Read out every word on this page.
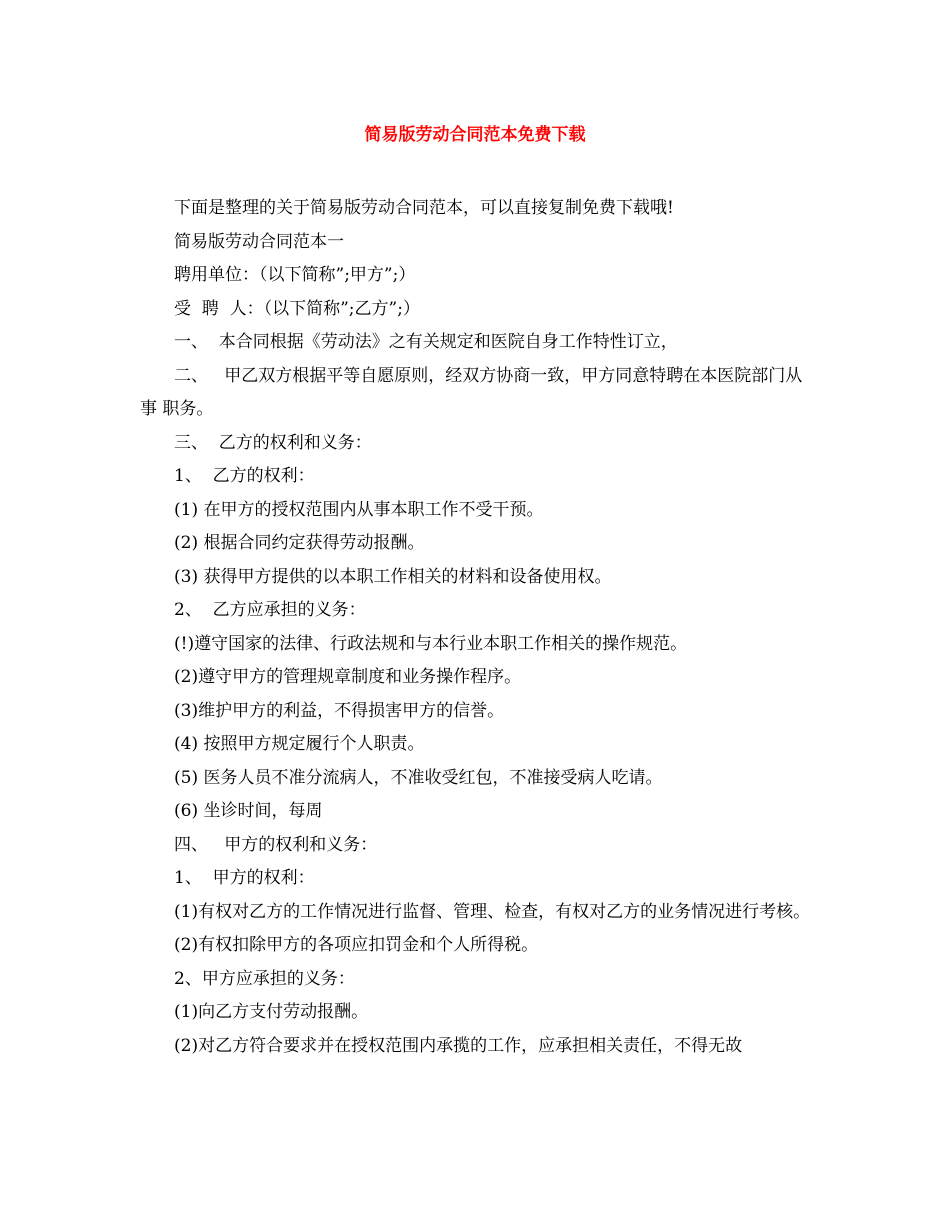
简易版劳动合同范本免费下载

下面是整理的关于简易版劳动合同范本，可以直接复制免费下载哦!

简易版劳动合同范本一

聘用单位：（以下简称”;甲方”;）

受  聘  人：（以下简称”;乙方”;）

一、  本合同根据《劳动法》之有关规定和医院自身工作特性订立，

二、   甲乙双方根据平等自愿原则，经双方协商一致，甲方同意特聘在本医院部门从事 职务。

三、  乙方的权利和义务：

1、  乙方的权利：

(1) 在甲方的授权范围内从事本职工作不受干预。

(2) 根据合同约定获得劳动报酬。

(3) 获得甲方提供的以本职工作相关的材料和设备使用权。

2、  乙方应承担的义务：

(!)遵守国家的法律、行政法规和与本行业本职工作相关的操作规范。

(2)遵守甲方的管理规章制度和业务操作程序。

(3)维护甲方的利益，不得损害甲方的信誉。

(4) 按照甲方规定履行个人职责。

(5) 医务人员不准分流病人，不准收受红包，不准接受病人吃请。

(6) 坐诊时间，每周

四、   甲方的权利和义务：

1、  甲方的权利：

(1)有权对乙方的工作情况进行监督、管理、检查，有权对乙方的业务情况进行考核。

(2)有权扣除甲方的各项应扣罚金和个人所得税。

2、甲方应承担的义务：

(1)向乙方支付劳动报酬。

(2)对乙方符合要求并在授权范围内承揽的工作，应承担相关责任，不得无故
